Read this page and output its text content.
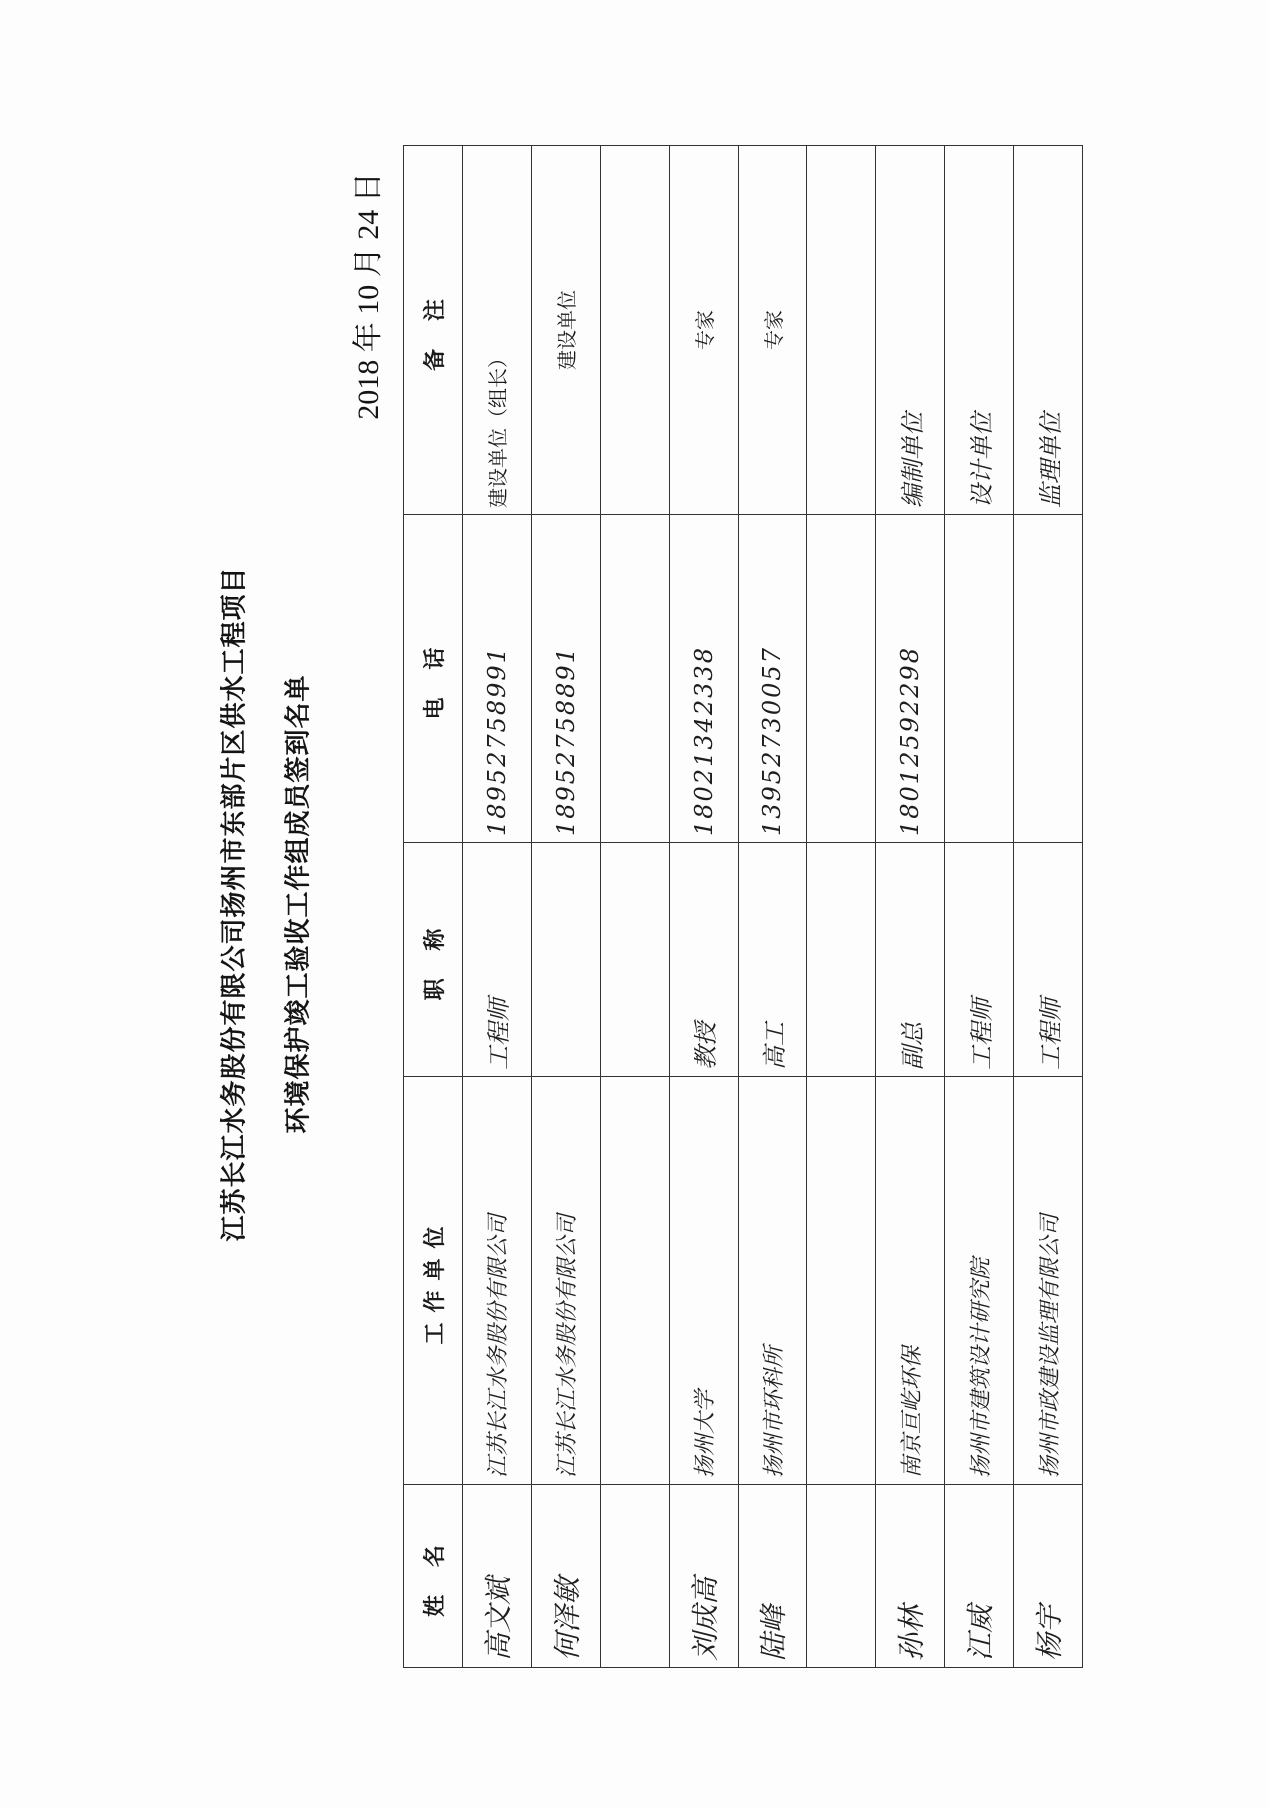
江苏长江水务股份有限公司扬州市东部片区供水工程项目 环境保护竣工验收工作组成员签到名单
2018 年 10 月 24 日
姓 名	工作单位	职 称	电 话	备 注
高文斌	江苏长江水务股份有限公司	工程师	18952758991	建设单位（组长）
何泽敏	江苏长江水务股份有限公司		18952758891	建设单位

刘成高	扬州大学	教授	18021342338	专家
陆峰	扬州市环科所	高工	13952730057	专家

孙林	南京亘屹环保	副总	18012592298	编制单位
江威	扬州市建筑设计研究院	工程师		设计单位
杨宇	扬州市政建设监理有限公司	工程师		监理单位
